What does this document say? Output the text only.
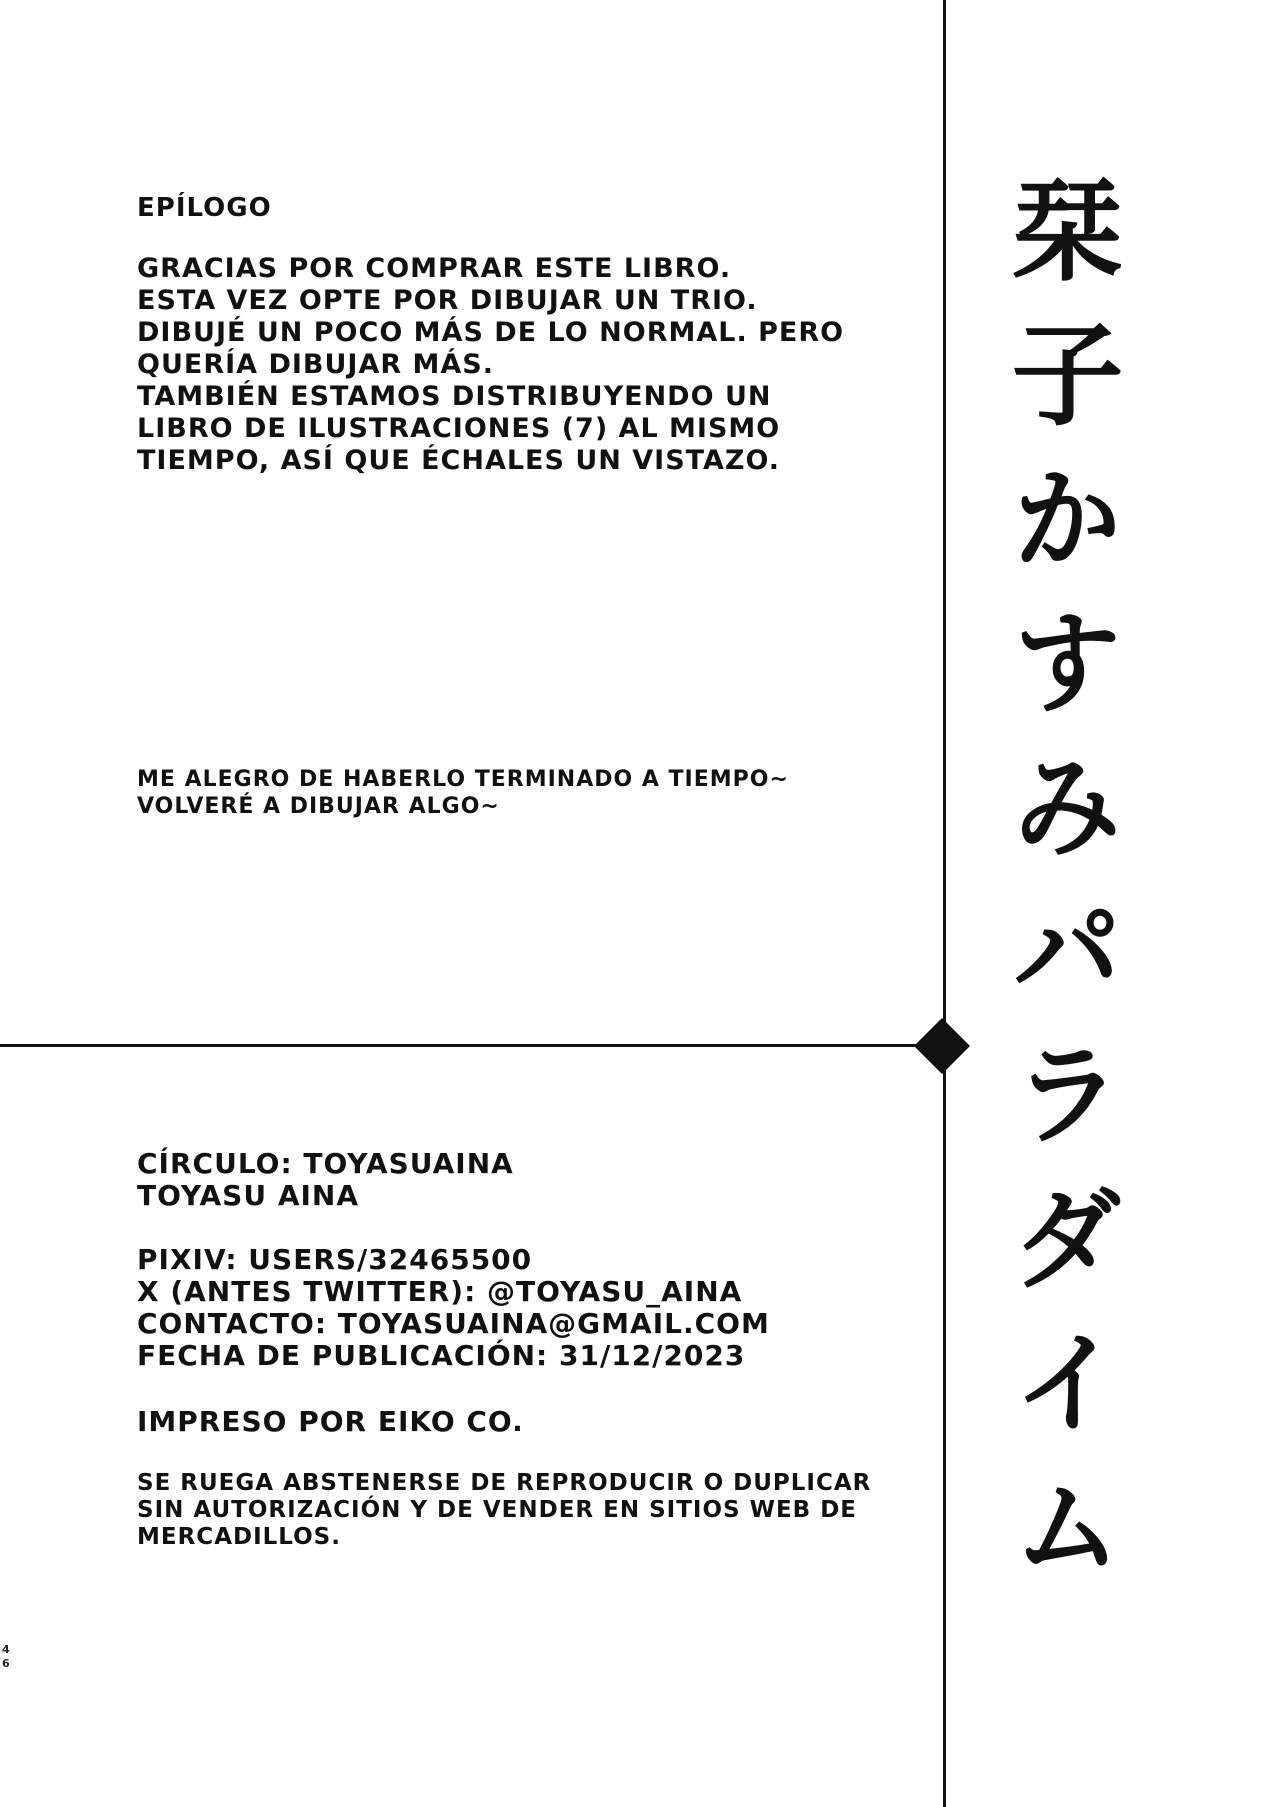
EPÍLOGO

GRACIAS POR COMPRAR ESTE LIBRO.
ESTA VEZ OPTE POR DIBUJAR UN TRIO.
DIBUJÉ UN POCO MÁS DE LO NORMAL. PERO
QUERÍA DIBUJAR MÁS.
TAMBIÉN ESTAMOS DISTRIBUYENDO UN
LIBRO DE ILUSTRACIONES (7) AL MISMO
TIEMPO, ASÍ QUE ÉCHALES UN VISTAZO.

ME ALEGRO DE HABERLO TERMINADO A TIEMPO~
VOLVERÉ A DIBUJAR ALGO~

CÍRCULO: TOYASUAINA
TOYASU AINA

PIXIV: USERS/32465500
X (ANTES TWITTER): @TOYASU_AINA
CONTACTO: TOYASUAINA@GMAIL.COM
FECHA DE PUBLICACIÓN: 31/12/2023

IMPRESO POR EIKO CO.

SE RUEGA ABSTENERSE DE REPRODUCIR O DUPLICAR
SIN AUTORIZACIÓN Y DE VENDER EN SITIOS WEB DE
MERCADILLOS.	栞子かすみパラダイム
4
6
